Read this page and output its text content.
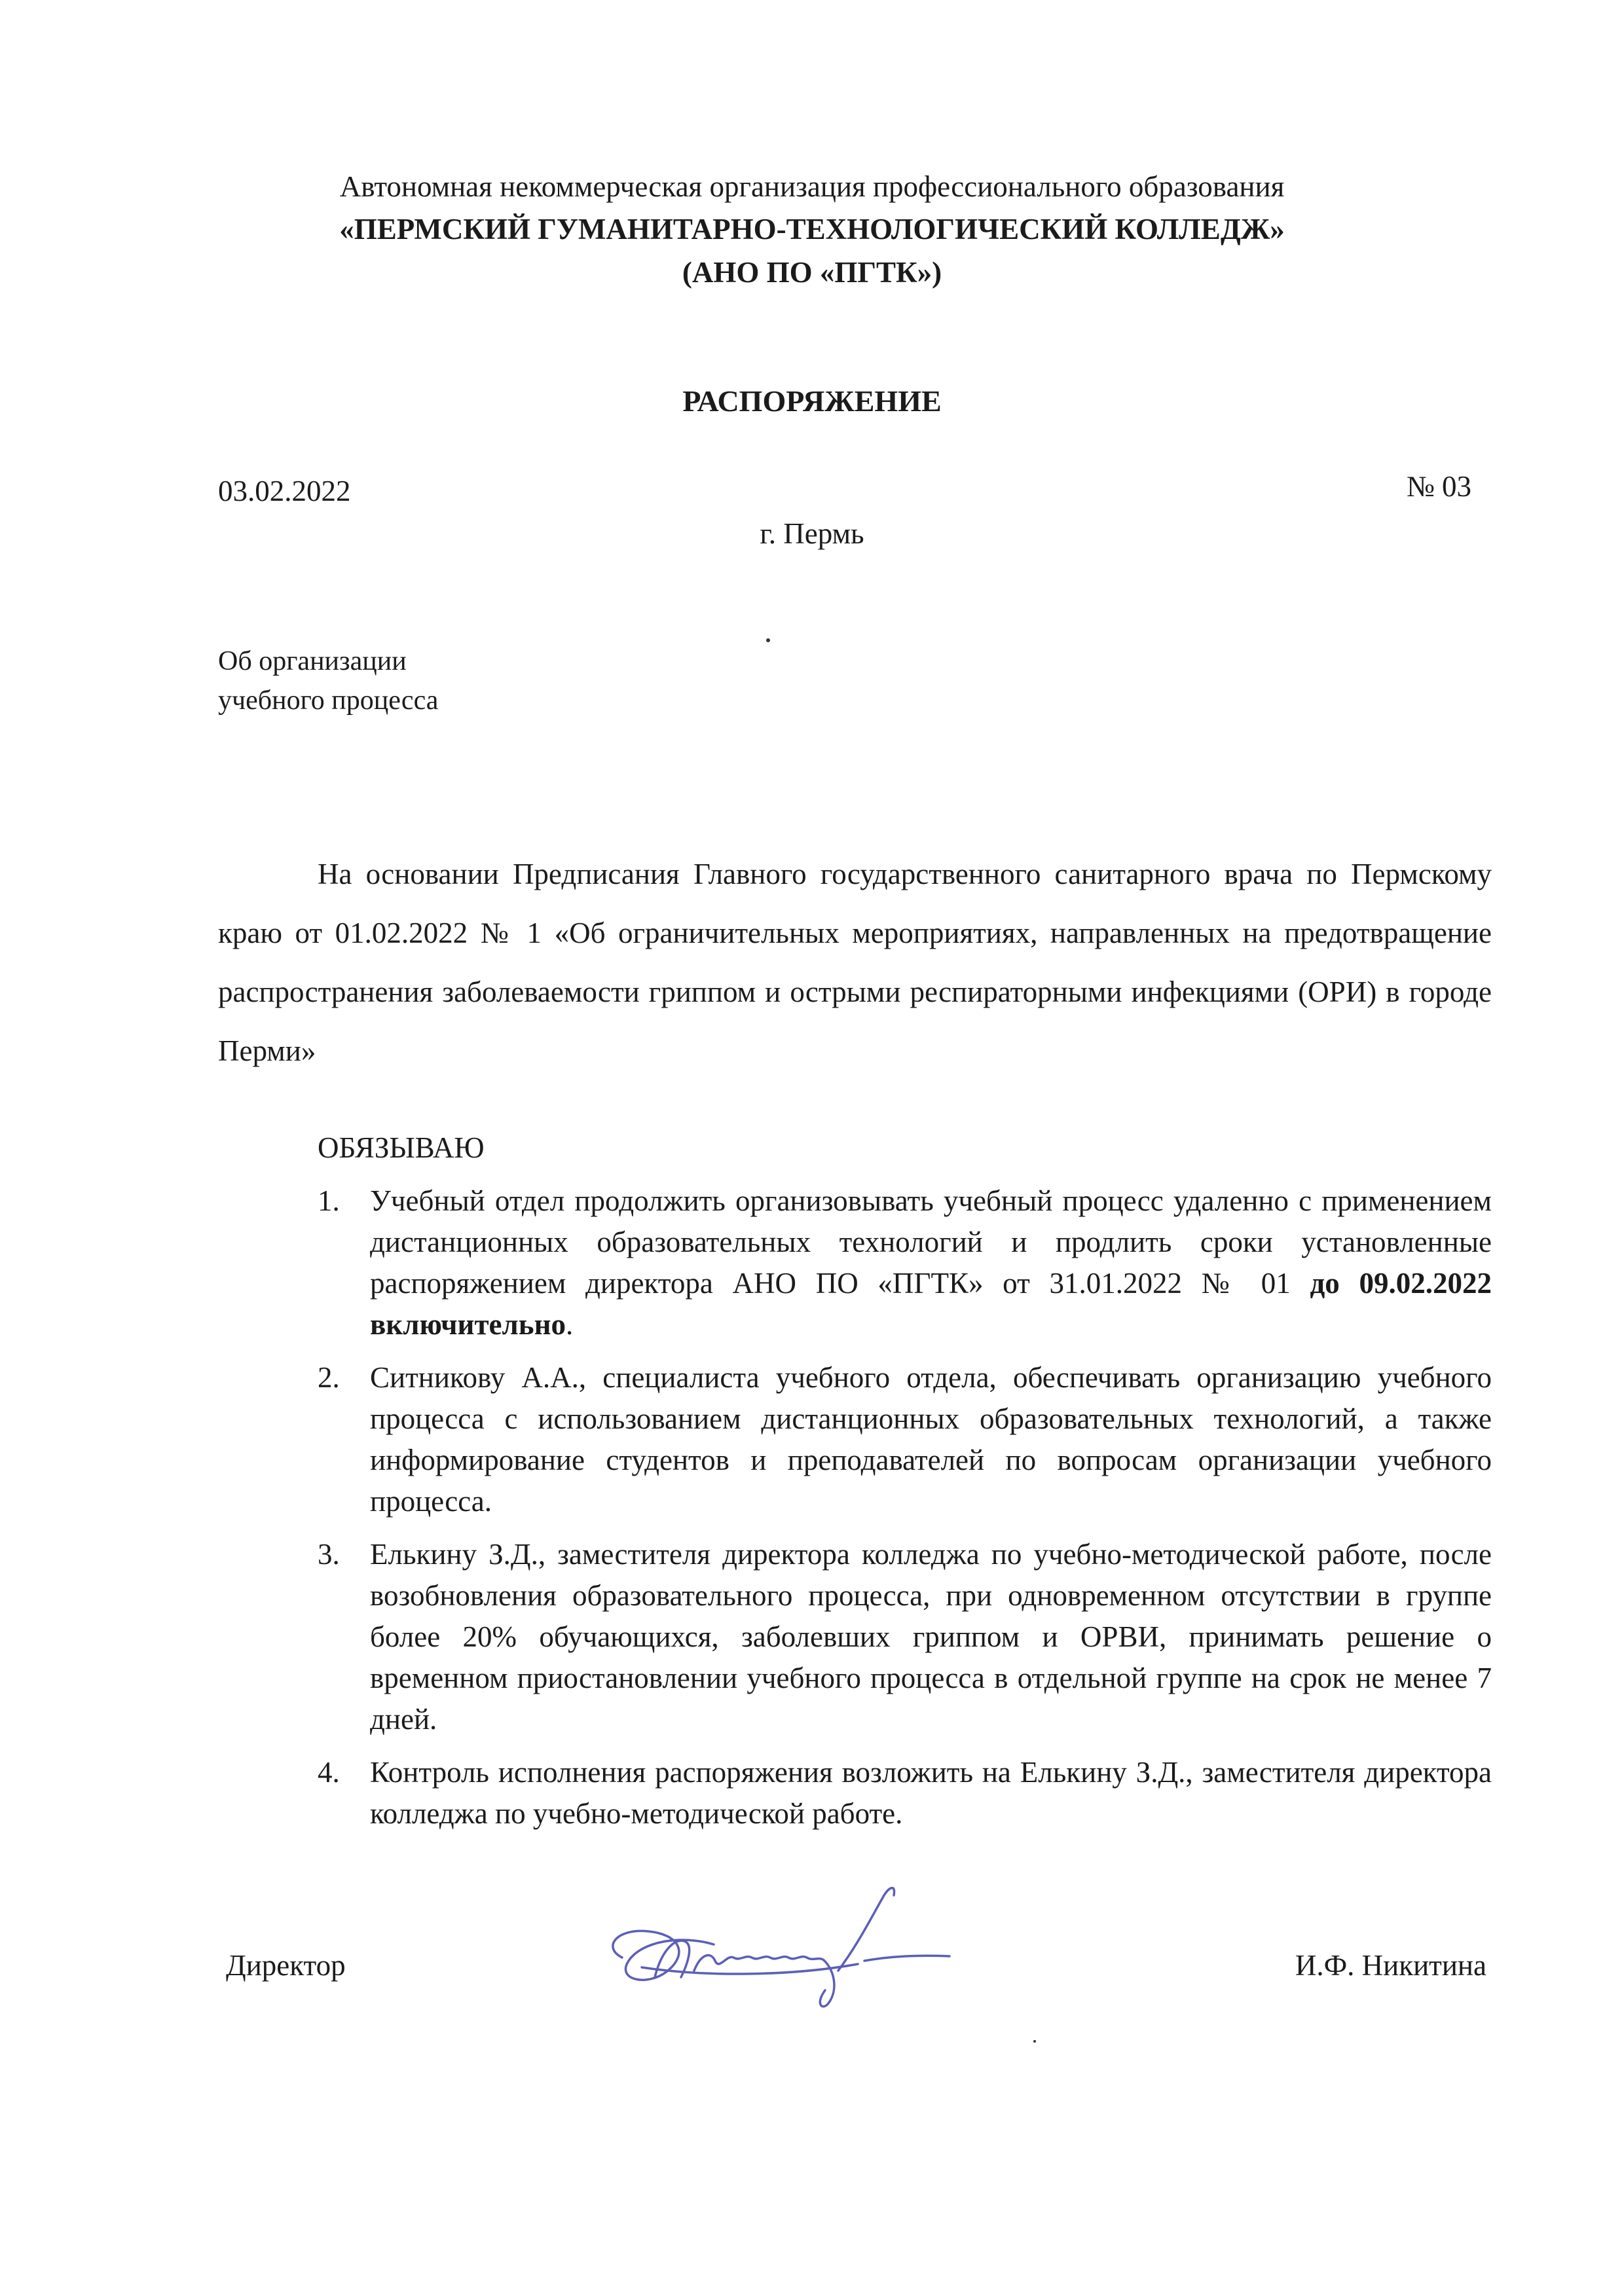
Автономная некоммерческая организация профессионального образования
«ПЕРМСКИЙ ГУМАНИТАРНО-ТЕХНОЛОГИЧЕСКИЙ КОЛЛЕДЖ»
(АНО ПО «ПГТК»)
РАСПОРЯЖЕНИЕ
03.02.2022	№ 03
г. Пермь
Об организации
учебного процесса
На основании Предписания Главного государственного санитарного врача по Пермскому краю от 01.02.2022 № 1 «Об ограничительных мероприятиях, направленных на предотвращение распространения заболеваемости гриппом и острыми респираторными инфекциями (ОРИ) в городе Перми»
ОБЯЗЫВАЮ
1. Учебный отдел продолжить организовывать учебный процесс удаленно с применением дистанционных образовательных технологий и продлить сроки установленные распоряжением директора АНО ПО «ПГТК» от 31.01.2022 № 01 до 09.02.2022 включительно.
2. Ситникову А.А., специалиста учебного отдела, обеспечивать организацию учебного процесса с использованием дистанционных образовательных технологий, а также информирование студентов и преподавателей по вопросам организации учебного процесса.
3. Елькину З.Д., заместителя директора колледжа по учебно-методической работе, после возобновления образовательного процесса, при одновременном отсутствии в группе более 20% обучающихся, заболевших гриппом и ОРВИ, принимать решение о временном приостановлении учебного процесса в отдельной группе на срок не менее 7 дней.
4. Контроль исполнения распоряжения возложить на Елькину З.Д., заместителя директора колледжа по учебно-методической работе.
Директор	И.Ф. Никитина
